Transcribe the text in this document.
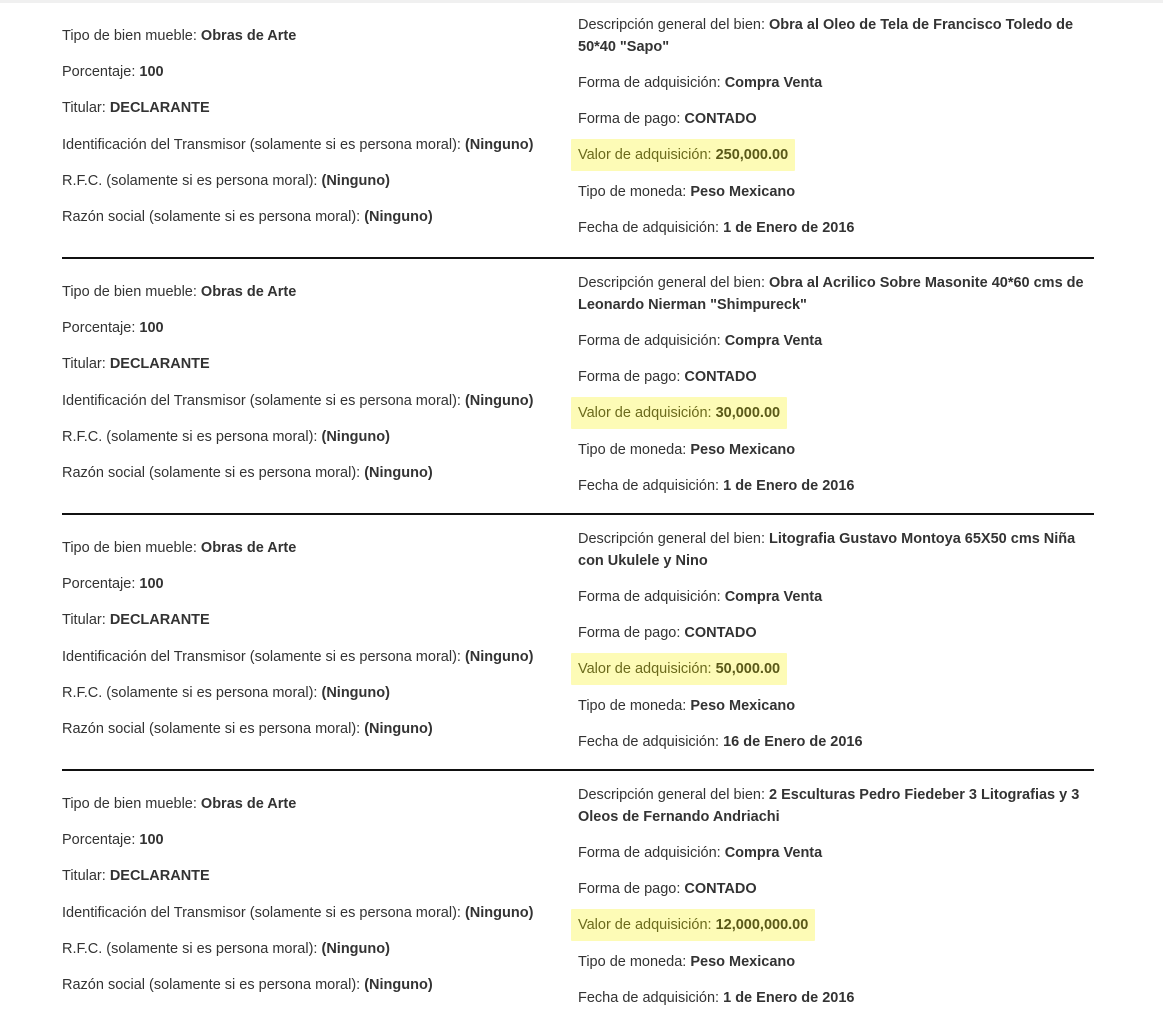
Tipo de bien mueble: Obras de Arte
Porcentaje: 100
Titular: DECLARANTE
Identificación del Transmisor (solamente si es persona moral): (Ninguno)
R.F.C. (solamente si es persona moral): (Ninguno)
Razón social (solamente si es persona moral): (Ninguno)
Descripción general del bien: Obra al Oleo de Tela de Francisco Toledo de 50*40 "Sapo"
Forma de adquisición: Compra Venta
Forma de pago: CONTADO
Valor de adquisición: 250,000.00
Tipo de moneda: Peso Mexicano
Fecha de adquisición: 1 de Enero de 2016
Tipo de bien mueble: Obras de Arte
Porcentaje: 100
Titular: DECLARANTE
Identificación del Transmisor (solamente si es persona moral): (Ninguno)
R.F.C. (solamente si es persona moral): (Ninguno)
Razón social (solamente si es persona moral): (Ninguno)
Descripción general del bien: Obra al Acrilico Sobre Masonite 40*60 cms de Leonardo Nierman "Shimpureck"
Forma de adquisición: Compra Venta
Forma de pago: CONTADO
Valor de adquisición: 30,000.00
Tipo de moneda: Peso Mexicano
Fecha de adquisición: 1 de Enero de 2016
Tipo de bien mueble: Obras de Arte
Porcentaje: 100
Titular: DECLARANTE
Identificación del Transmisor (solamente si es persona moral): (Ninguno)
R.F.C. (solamente si es persona moral): (Ninguno)
Razón social (solamente si es persona moral): (Ninguno)
Descripción general del bien: Litografia Gustavo Montoya 65X50 cms Niña con Ukulele y Nino
Forma de adquisición: Compra Venta
Forma de pago: CONTADO
Valor de adquisición: 50,000.00
Tipo de moneda: Peso Mexicano
Fecha de adquisición: 16 de Enero de 2016
Tipo de bien mueble: Obras de Arte
Porcentaje: 100
Titular: DECLARANTE
Identificación del Transmisor (solamente si es persona moral): (Ninguno)
R.F.C. (solamente si es persona moral): (Ninguno)
Razón social (solamente si es persona moral): (Ninguno)
Descripción general del bien: 2 Esculturas Pedro Fiedeber 3 Litografias y 3 Oleos de Fernando Andriachi
Forma de adquisición: Compra Venta
Forma de pago: CONTADO
Valor de adquisición: 12,000,000.00
Tipo de moneda: Peso Mexicano
Fecha de adquisición: 1 de Enero de 2016
